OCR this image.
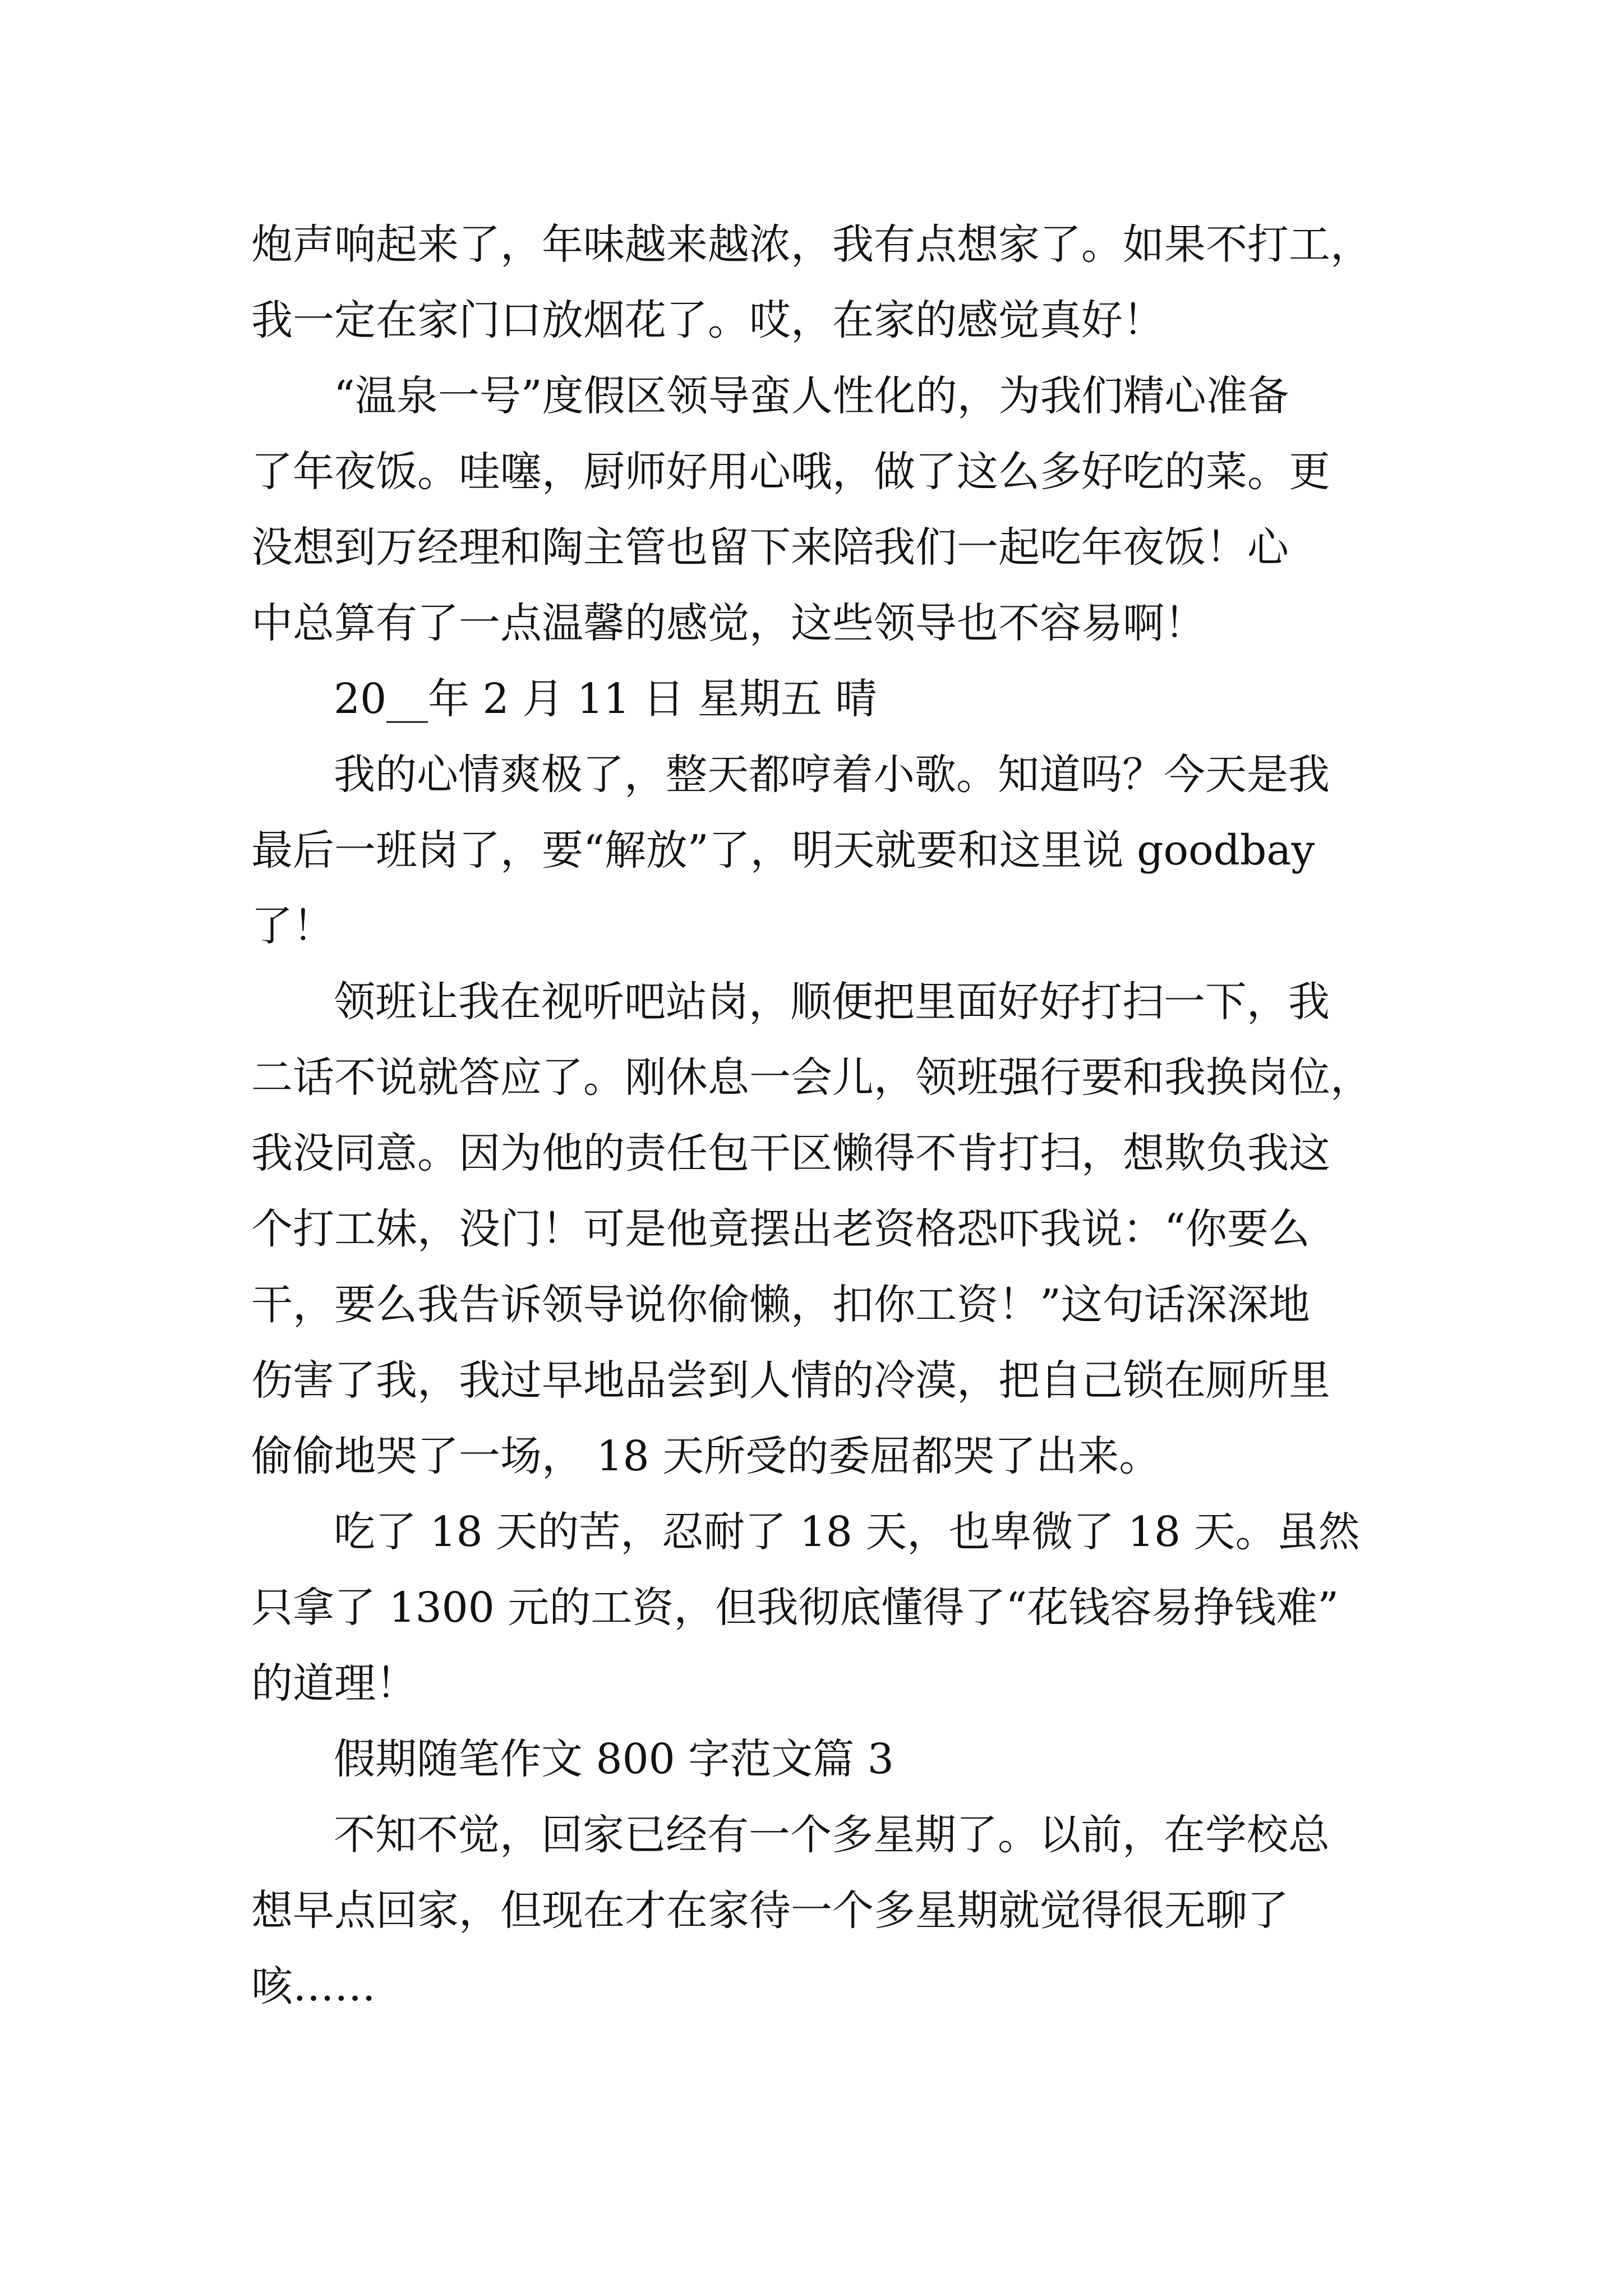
炮声响起来了，年味越来越浓，我有点想家了。如果不打工，
我一定在家门口放烟花了。哎，在家的感觉真好！
“温泉一号”度假区领导蛮人性化的，为我们精心准备
了年夜饭。哇噻，厨师好用心哦，做了这么多好吃的菜。更
没想到万经理和陶主管也留下来陪我们一起吃年夜饭！心
中总算有了一点温馨的感觉，这些领导也不容易啊！
20__年 2 月 11 日 星期五 晴
我的心情爽极了，整天都哼着小歌。知道吗？今天是我
最后一班岗了，要“解放”了，明天就要和这里说 goodbay
了！
领班让我在视听吧站岗，顺便把里面好好打扫一下，我
二话不说就答应了。刚休息一会儿，领班强行要和我换岗位，
我没同意。因为他的责任包干区懒得不肯打扫，想欺负我这
个打工妹，没门！可是他竟摆出老资格恐吓我说：“你要么
干，要么我告诉领导说你偷懒，扣你工资！”这句话深深地
伤害了我，我过早地品尝到人情的冷漠，把自己锁在厕所里
偷偷地哭了一场， 18 天所受的委屈都哭了出来。
吃了 18 天的苦，忍耐了 18 天，也卑微了 18 天。虽然
只拿了 1300 元的工资，但我彻底懂得了“花钱容易挣钱难”
的道理！
假期随笔作文 800 字范文篇 3
不知不觉，回家已经有一个多星期了。以前，在学校总
想早点回家，但现在才在家待一个多星期就觉得很无聊了
咳……
